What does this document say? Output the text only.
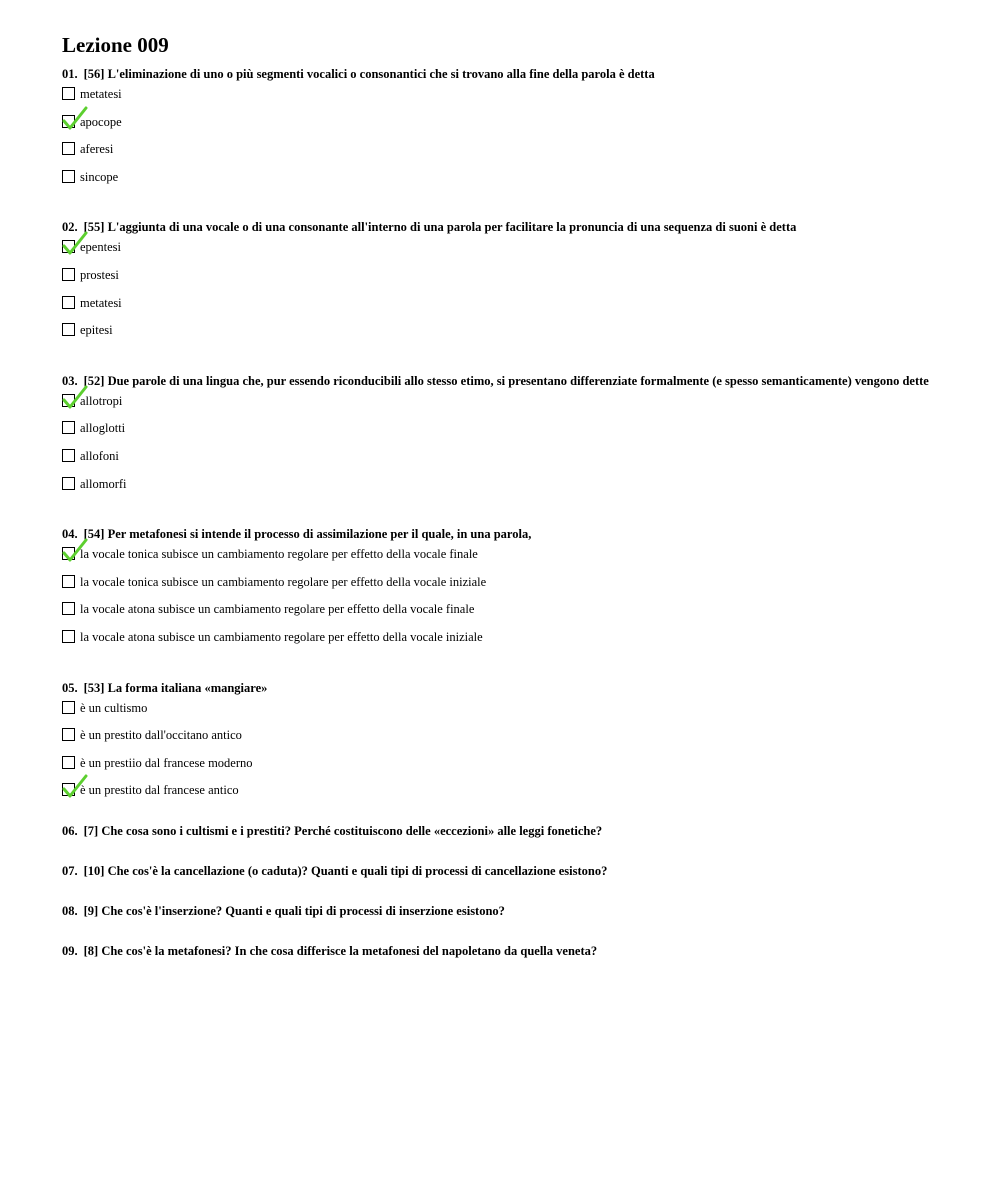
Lezione 009
01. [56] L'eliminazione di uno o più segmenti vocalici o consonantici che si trovano alla fine della parola è detta
metatesi
apocope
aferesi
sincope
02. [55] L'aggiunta di una vocale o di una consonante all'interno di una parola per facilitare la pronuncia di una sequenza di suoni è detta
epentesi
prostesi
metatesi
epitesi
03. [52] Due parole di una lingua che, pur essendo riconducibili allo stesso etimo, si presentano differenziate formalmente (e spesso semanticamente) vengono dette
allotropi
alloglotti
allofoni
allomorfi
04. [54] Per metafonesi si intende il processo di assimilazione per il quale, in una parola,
la vocale tonica subisce un cambiamento regolare per effetto della vocale finale
la vocale tonica subisce un cambiamento regolare per effetto della vocale iniziale
la vocale atona subisce un cambiamento regolare per effetto della vocale finale
la vocale atona subisce un cambiamento regolare per effetto della vocale iniziale
05. [53] La forma italiana «mangiare»
è un cultismo
è un prestito dall'occitano antico
è un prestiio dal francese moderno
è un prestito dal francese antico
06. [7] Che cosa sono i cultismi e i prestiti? Perché costituiscono delle «eccezioni» alle leggi fonetiche?
07. [10] Che cos'è la cancellazione (o caduta)? Quanti e quali tipi di processi di cancellazione esistono?
08. [9] Che cos'è l'inserzione? Quanti e quali tipi di processi di inserzione esistono?
09. [8] Che cos'è la metafonesi? In che cosa differisce la metafonesi del napoletano da quella veneta?
